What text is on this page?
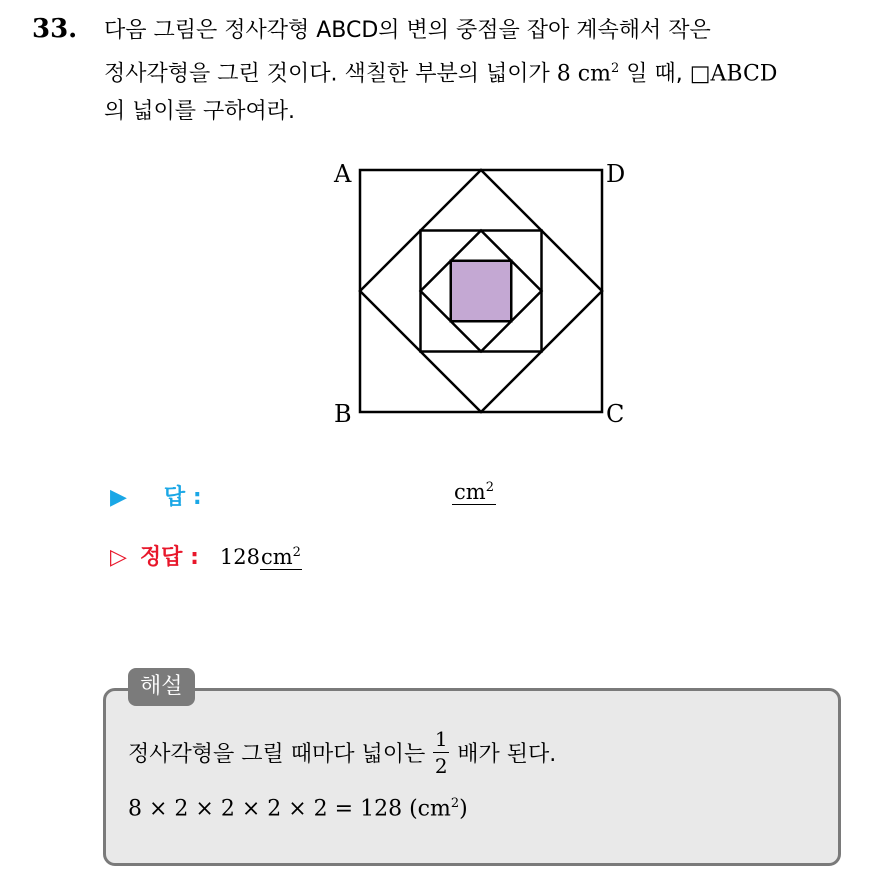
33. 다음 그림은 정사각형 ABCD의 변의 중점을 잡아 계속해서 작은
정사각형을 그린 것이다. 색칠한 부분의 넓이가 8 $cm^2$ 일 때, □ABCD
의 넓이를 구하여라.
A	D
B	C
▶ 답 :	$cm^2$
▷ 정답 : $128cm^2$
해설
정사각형을 그릴 때마다 넓이는 $\frac{1}{2}$ 배가 된다.
8 × 2 × 2 × 2 × 2 = 128 $(cm^2)$
